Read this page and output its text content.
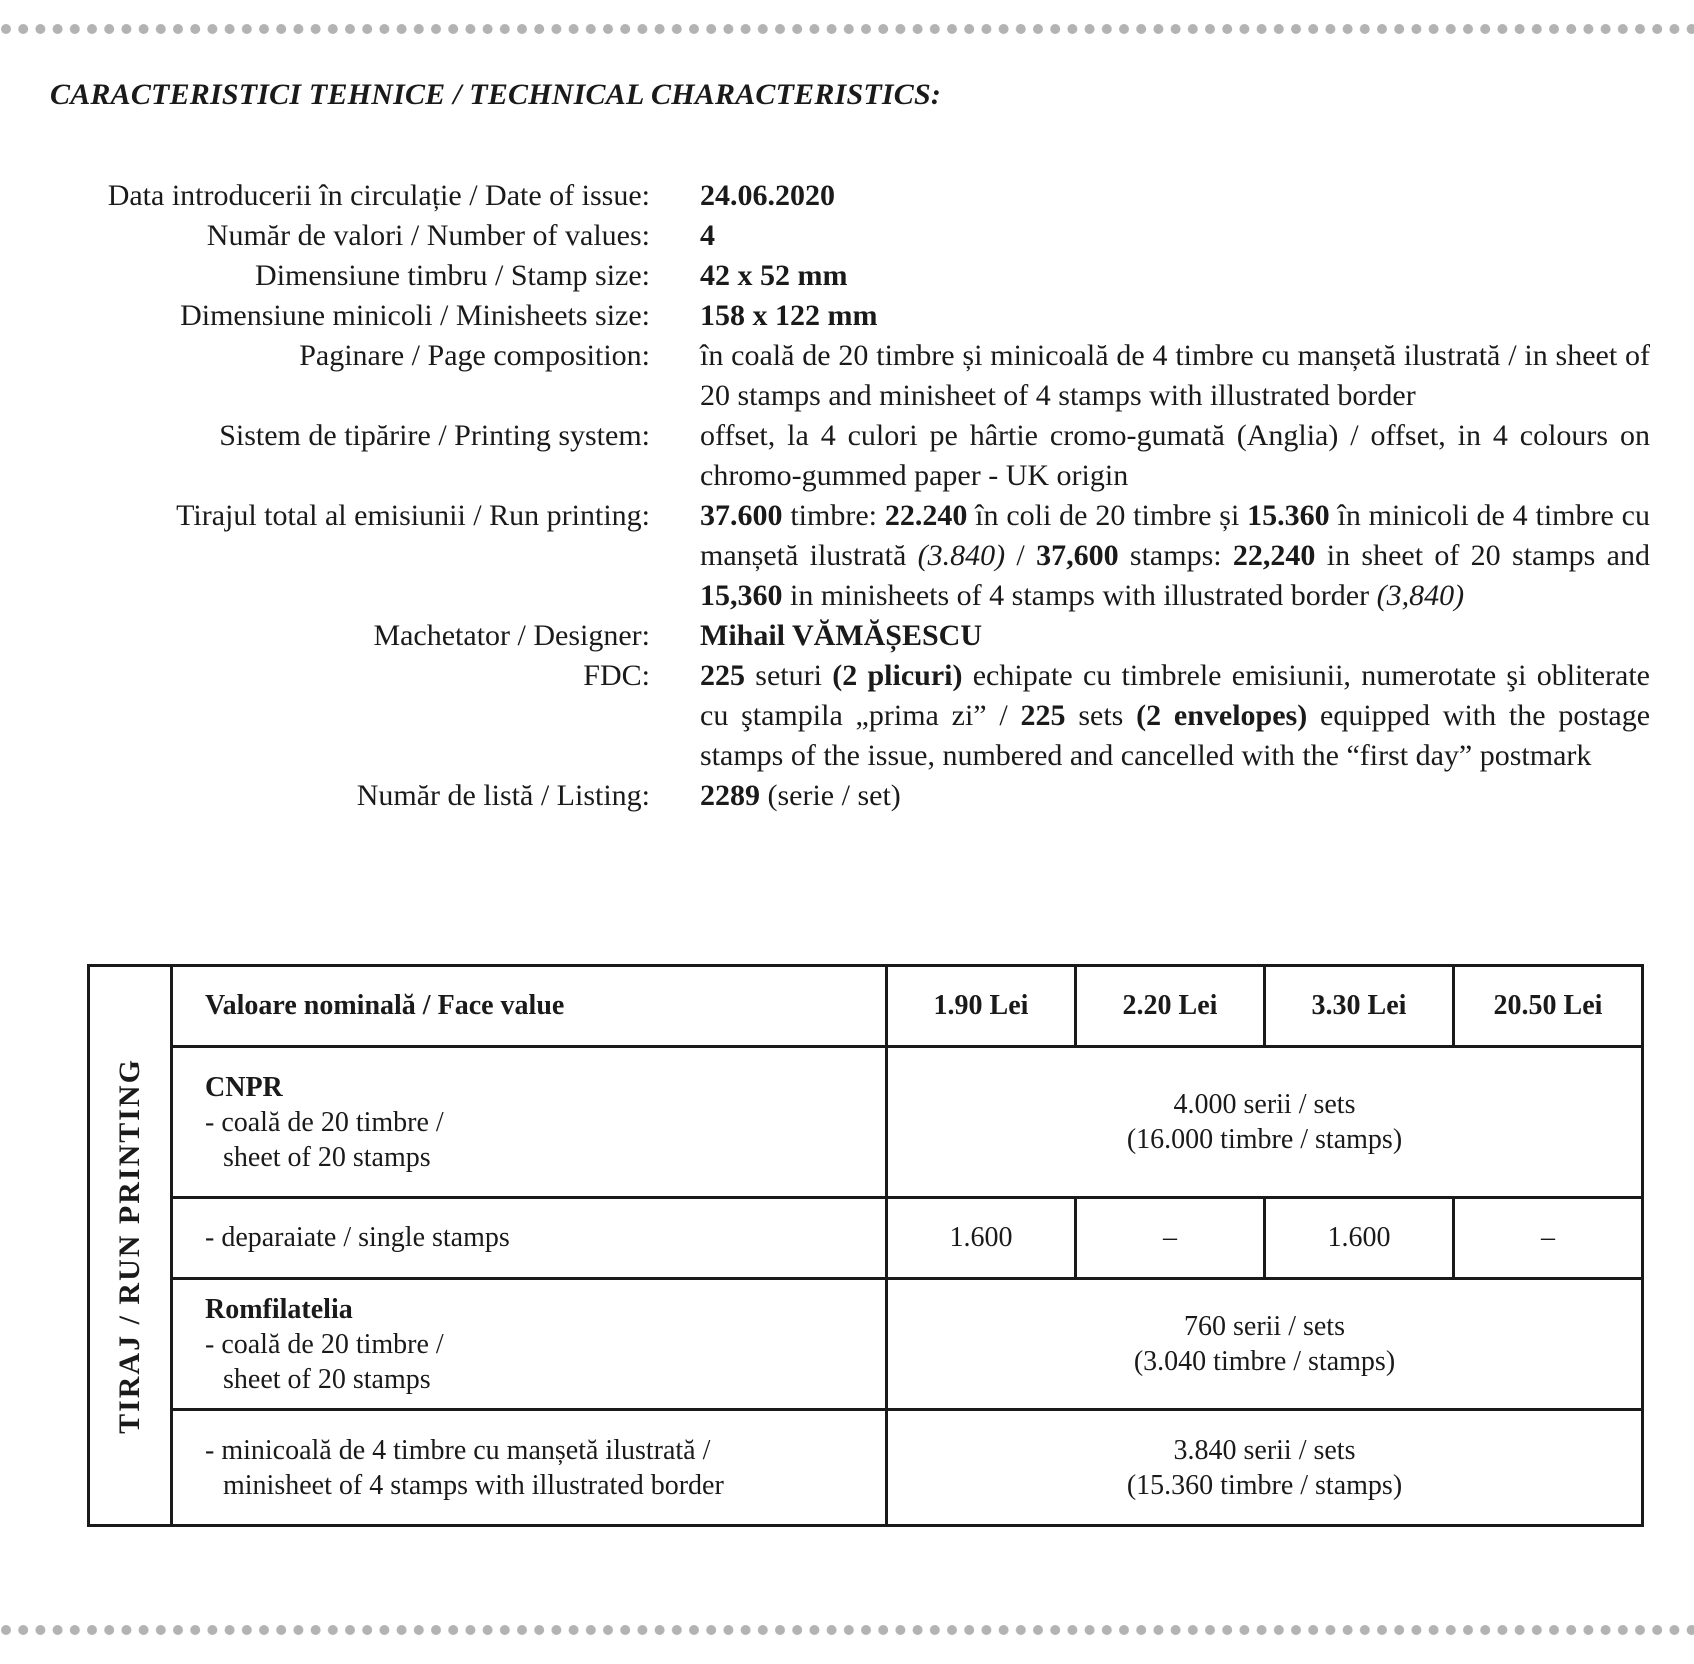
CARACTERISTICI TEHNICE / TECHNICAL CHARACTERISTICS:
Data introducerii în circulație / Date of issue: 24.06.2020
Număr de valori / Number of values: 4
Dimensiune timbru / Stamp size: 42 x 52 mm
Dimensiune minicoli / Minisheets size: 158 x 122 mm
Paginare / Page composition: în coală de 20 timbre și minicoală de 4 timbre cu manșetă ilustrată / in sheet of 20 stamps and minisheet of 4 stamps with illustrated border
Sistem de tipărire / Printing system: offset, la 4 culori pe hârtie cromo-gumată (Anglia) / offset, in 4 colours on chromo-gummed paper - UK origin
Tirajul total al emisiunii / Run printing: 37.600 timbre: 22.240 în coli de 20 timbre și 15.360 în minicoli de 4 timbre cu manșetă ilustrată (3.840) / 37,600 stamps: 22,240 in sheet of 20 stamps and 15,360 in minisheets of 4 stamps with illustrated border (3,840)
Machetator / Designer: Mihail VĂMĂȘESCU
FDC: 225 seturi (2 plicuri) echipate cu timbrele emisiunii, numerotate şi obliterate cu ştampila „prima zi” / 225 sets (2 envelopes) equipped with the postage stamps of the issue, numbered and cancelled with the “first day” postmark
Număr de listă / Listing: 2289 (serie / set)
TIRAJ / RUN PRINTING	Valoare nominală / Face value	1.90 Lei	2.20 Lei	3.30 Lei	20.50 Lei

	CNPR
- coală de 20 timbre /
sheet of 20 stamps	4.000 serii / sets
(16.000 timbre / stamps)			

	- deparaiate / single stamps	1.600	–	1.600	–

	Romfilatelia
- coală de 20 timbre /
sheet of 20 stamps	760 serii / sets
(3.040 timbre / stamps)			

	- minicoală de 4 timbre cu manșetă ilustrată /
minisheet of 4 stamps with illustrated border	3.840 serii / sets
(15.360 timbre / stamps)			
